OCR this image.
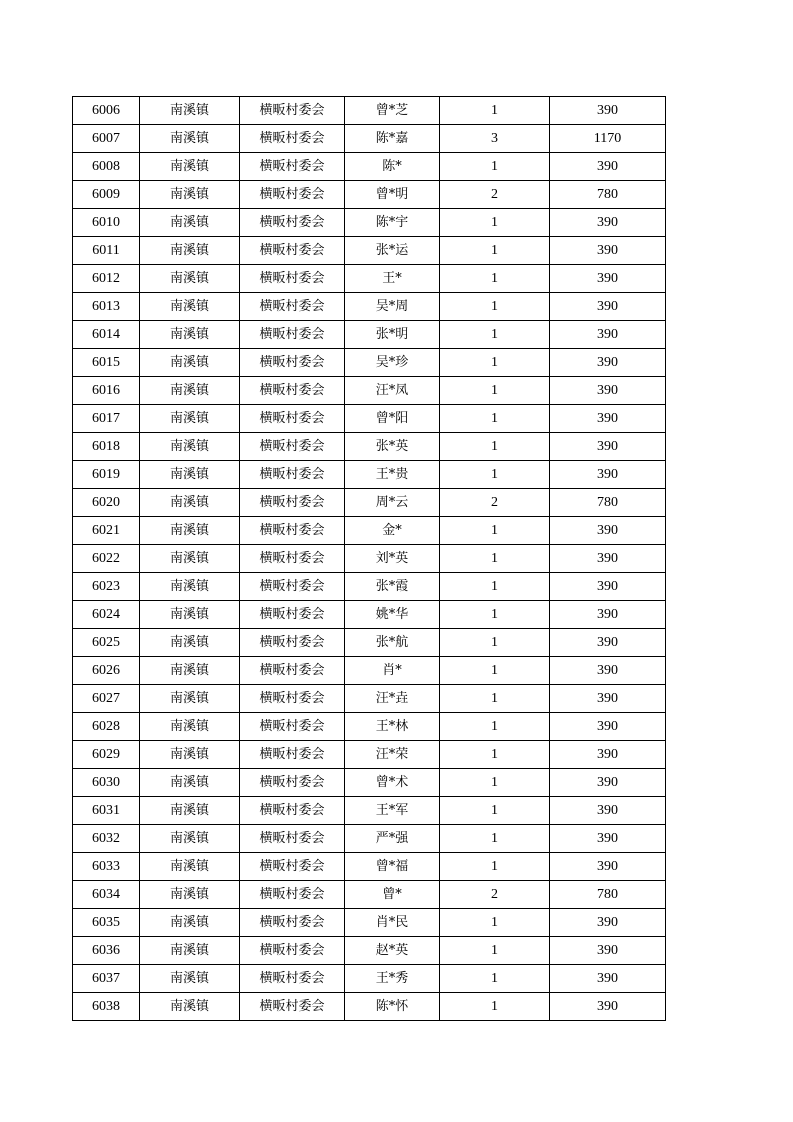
6006	南溪镇	横畈村委会	曾*芝	1	390
6007	南溪镇	横畈村委会	陈*嘉	3	1170
6008	南溪镇	横畈村委会	陈*	1	390
6009	南溪镇	横畈村委会	曾*明	2	780
6010	南溪镇	横畈村委会	陈*宇	1	390
6011	南溪镇	横畈村委会	张*运	1	390
6012	南溪镇	横畈村委会	王*	1	390
6013	南溪镇	横畈村委会	吴*周	1	390
6014	南溪镇	横畈村委会	张*明	1	390
6015	南溪镇	横畈村委会	吴*珍	1	390
6016	南溪镇	横畈村委会	汪*凤	1	390
6017	南溪镇	横畈村委会	曾*阳	1	390
6018	南溪镇	横畈村委会	张*英	1	390
6019	南溪镇	横畈村委会	王*贵	1	390
6020	南溪镇	横畈村委会	周*云	2	780
6021	南溪镇	横畈村委会	金*	1	390
6022	南溪镇	横畈村委会	刘*英	1	390
6023	南溪镇	横畈村委会	张*霞	1	390
6024	南溪镇	横畈村委会	姚*华	1	390
6025	南溪镇	横畈村委会	张*航	1	390
6026	南溪镇	横畈村委会	肖*	1	390
6027	南溪镇	横畈村委会	汪*垚	1	390
6028	南溪镇	横畈村委会	王*林	1	390
6029	南溪镇	横畈村委会	汪*荣	1	390
6030	南溪镇	横畈村委会	曾*术	1	390
6031	南溪镇	横畈村委会	王*军	1	390
6032	南溪镇	横畈村委会	严*强	1	390
6033	南溪镇	横畈村委会	曾*福	1	390
6034	南溪镇	横畈村委会	曾*	2	780
6035	南溪镇	横畈村委会	肖*民	1	390
6036	南溪镇	横畈村委会	赵*英	1	390
6037	南溪镇	横畈村委会	王*秀	1	390
6038	南溪镇	横畈村委会	陈*怀	1	390
